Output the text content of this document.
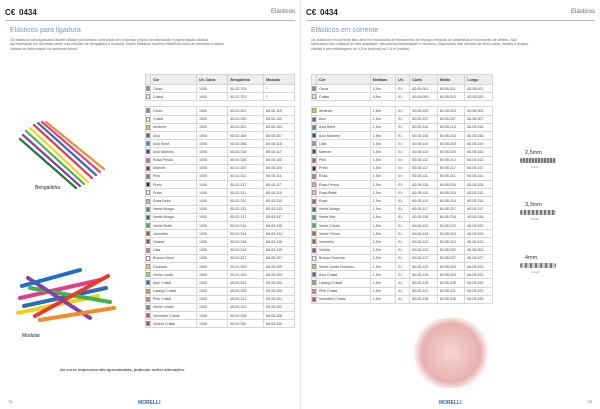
C€ 0434	Elásticos
Elásticos para ligadura
Os elásticos para ligaduras Morelli utilizam poliuretano controlado em processo próprio de fabricação e pigmentação atóxica. Apresentação em diversas cores: nas versões de bengalinha e modular. Esses elásticos mantêm eficiência nova de memória e baixos índices de deformação no ambiente bucal.
Bengalinha
Modular
	Cor	Un. Caixa	Bengalinha	Modular

	Cinza	1000	60.02.704	*

	Cristal	1000	60.02.701	*

	Cinza	1000	65.02.201	60.05.119

	Cristal	1000	65.02.200	65.02.102

	Amarelo	1000	65.02.302	60.05.103

	Azul	1000	65.02.309	65.05.307

	Azul Bebê	1000	65.02.306	60.05.115

	Azul Marinho	1000	65.03.316	65.05.117

	Rosa Pérola	1000	65.02.326	65.05.120

	Marrom	1000	65.02.320	65.05.320

	Pink	1000	65.02.312	65.05.111

	Preto	1000	65.02.317	65.05.117

	Prata	1000	65.02.311	65.05.110

	Rosa Bebê	1000	65.02.310	65.05.310

	Verde Musgo	1000	65.02.313	65.05.313

	Verde Musgo	1000	65.02.317	65.05.317

	Verde Bebê	1000	65.02.315	65.05.315

	Vermelho	1000	65.02.314	65.05.314

	Violeta	1000	65.02.318	65.05.318

	Lilás	1000	65.02.319	65.05.319

	Branco Neon	1000	65.02.327	65.05.327

	Dourado	1000	65.02.329	65.05.329

	Verde Limão	1000	65.02.323	65.05.323

	Azul Cristal	1000	65.02.324	65.05.324

	Laranja Cristal	1000	65.02.325	65.05.325

	Pink Cristal	1000	65.02.321	65.05.321

	Verde Cristal	1000	65.02.322	65.05.322

	Vermelho Cristal	1000	65.02.328	65.05.328

	Violeta Cristal	1000	65.02.330	65.05.330
As cores impressas são aproximadas, podendo sofrer alterações.
78	MORELLI
C€ 0434	Elásticos
Elásticos em corrente
Os elásticos em corrente são úteis em mecânicas de fechamento de espaço,retração de amarrarias e movimento de dentes. São fabricados com material de alta qualidade, oferecendo elasticidade e memória. Disponíveis nas versões de elos curtos, médios e longos, cristais e em embalagens de 4,5 m (bobina) ou 1,5 m (cartão).
	Cor	Medidas	Un.	Curto	Médio	Longo

	Cinza	4,5m	01	60.05.001	60.05.011	60.05.021

	Cristal	4,5m	01	60.05.000	60.05.010	60.05.020

	Amarelo	1,5m	01	60.05.103	60.05.203	60.05.303

	Azul	1,5m	01	60.05.107	60.05.207	60.05.307

	Azul Bebê	1,5m	01	60.05.115	60.05.215	60.05.315

	Azul Marinho	1,5m	01	60.05.116	60.05.216	60.05.316

	Lilás	1,5m	01	60.05.119	60.05.219	60.05.319

	Marrom	1,5m	01	60.05.120	60.05.220	60.05.320

	Pink	1,5m	01	60.05.112	60.05.212	60.05.312

	Preto	1,5m	01	60.05.117	60.05.217	60.05.317

	Rosa	1,5m	01	60.05.111	60.05.211	60.05.311

	Rosa Pérola	1,5m	01	60.05.126	60.05.226	60.05.326

	Rosa Bebê	1,5m	01	60.05.110	60.05.210	60.05.310

	Rosa	1,5m	01	60.05.114	60.05.214	60.05.314

	Verde Musgo	1,5m	01	60.05.117	60.05.217	60.05.317

	Verde Mar	1,5m	01	60.05.118	60.05.218	60.05.318

	Verde Cristal	1,5m	01	60.05.122	60.05.222	60.05.322

	Verde Pérola	1,5m	01	60.05.124	60.05.224	60.05.324

	Vermelho	1,5m	01	60.05.113	60.05.213	60.05.313

	Violeta	1,5m	01	60.05.102	60.05.202	60.05.302

	Branco Fluoresc.	1,5m	01	60.05.127	60.05.227	60.05.327

	Verde Limão Fluoresc.	1,5m	01	60.05.123	60.05.223	60.05.323

	Azul Cristal	1,5m	01	60.05.124	60.05.224	60.05.324

	Laranja Cristal	1,5m	01	60.05.125	60.05.225	60.05.325

	Pink Cristal	1,5m	01	60.05.121	60.05.221	60.05.321

	Vermelho Cristal	1,5m	01	60.05.128	60.05.228	60.05.328
79
MORELLI
2,5mm
Curto
3,3mm
Médio
4mm
Longo
